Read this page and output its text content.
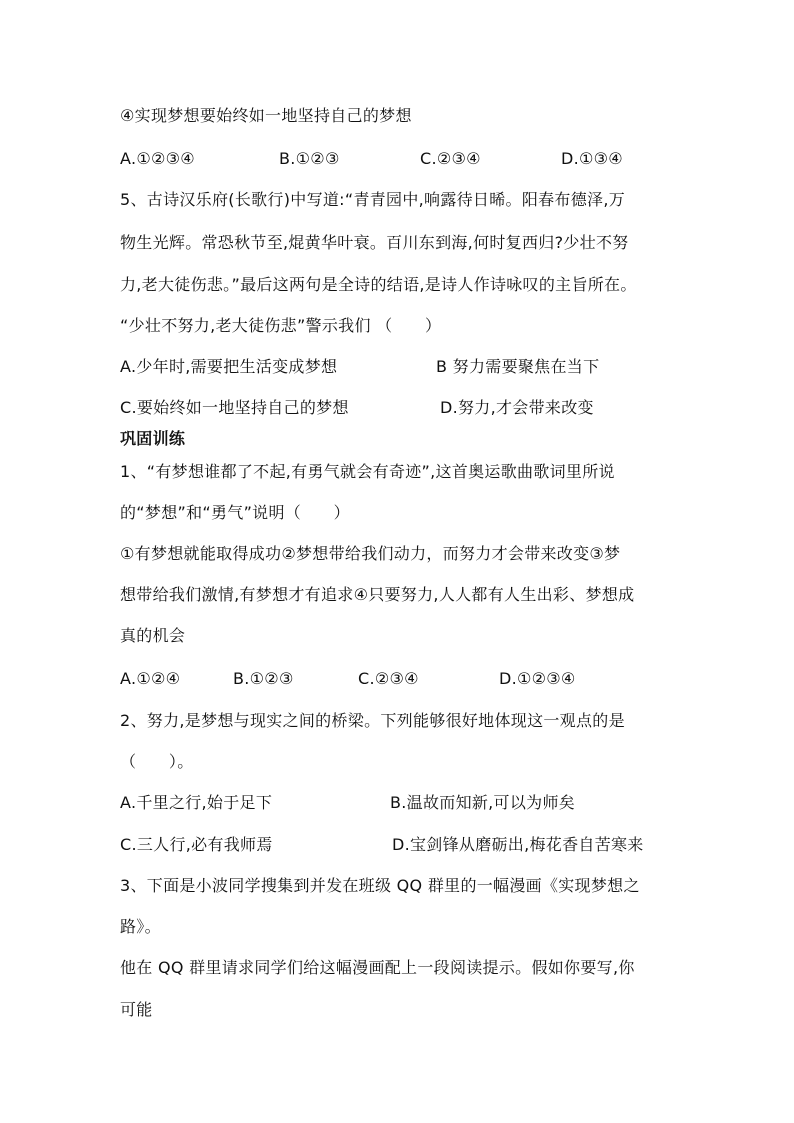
④实现梦想要始终如一地坚持自己的梦想
A.①②③④	B.①②③	C.②③④	D.①③④
5、古诗汉乐府(长歌行)中写道:“青青园中,响露待日晞。阳春布德泽,万
物生光辉。常恐秋节至,焜黄华叶衰。百川东到海,何时复西归?少壮不努
力,老大徒伤悲。”最后这两句是全诗的结语,是诗人作诗咏叹的主旨所在。
“少壮不努力,老大徒伤悲”警示我们 （　　）
A.少年时,需要把生活变成梦想	B 努力需要聚焦在当下
C.要始终如一地坚持自己的梦想	D.努力,才会带来改变
巩固训练
1、“有梦想谁都了不起,有勇气就会有奇迹”,这首奥运歌曲歌词里所说
的“梦想”和“勇气”说明（　　）
①有梦想就能取得成功②梦想带给我们动力，而努力才会带来改变③梦
想带给我们激情,有梦想才有追求④只要努力,人人都有人生出彩、梦想成
真的机会
A.①②④	B.①②③	C.②③④	D.①②③④
2、努力,是梦想与现实之间的桥梁。下列能够很好地体现这一观点的是
（　　）。
A.千里之行,始于足下	B.温故而知新,可以为师矣
C.三人行,必有我师焉	D.宝剑锋从磨砺出,梅花香自苦寒来
3、下面是小波同学搜集到并发在班级 QQ 群里的一幅漫画《实现梦想之
路》。
他在 QQ 群里请求同学们给这幅漫画配上一段阅读提示。假如你要写,你
可能
